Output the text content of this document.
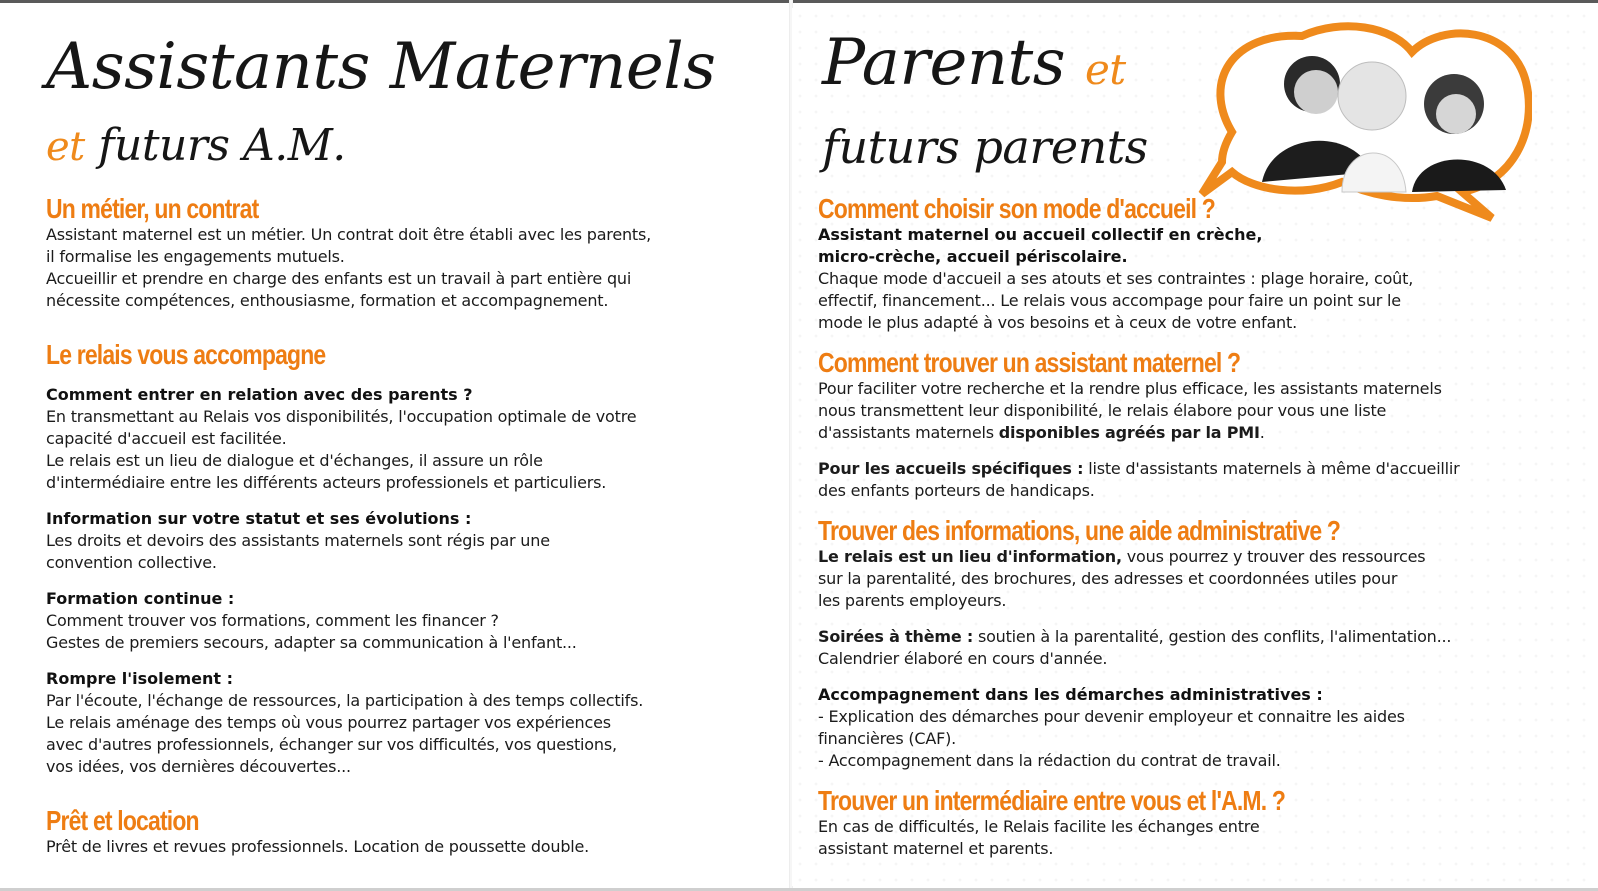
Assistants Maternels
et futurs A.M.
Un métier, un contrat

Assistant maternel est un métier. Un contrat doit être établi avec les parents,

il formalise les engagements mutuels.

Accueillir et prendre en charge des enfants est un travail à part entière qui

nécessite compétences, enthousiasme, formation et accompagnement.

Le relais vous accompagne

Comment entrer en relation avec des parents ?

En transmettant au Relais vos disponibilités, l'occupation optimale de votre

capacité d'accueil est facilitée.

Le relais est un lieu de dialogue et d'échanges, il assure un rôle

d'intermédiaire entre les différents acteurs professionels et particuliers.

Information sur votre statut et ses évolutions :

Les droits et devoirs des assistants maternels sont régis par une

convention collective.

Formation continue :

Comment trouver vos formations, comment les financer ?

Gestes de premiers secours, adapter sa communication à l'enfant...

Rompre l'isolement :

Par l'écoute, l'échange de ressources, la participation à des temps collectifs.

Le relais aménage des temps où vous pourrez partager vos expériences

avec d'autres professionnels, échanger sur vos difficultés, vos questions,

vos idées, vos dernières découvertes...

Prêt et location

Prêt de livres et revues professionnels. Location de poussette double.

Parents et
futurs parents
Comment choisir son mode d'accueil ?

Assistant maternel ou accueil collectif en crèche,

micro-crèche, accueil périscolaire.

Chaque mode d'accueil a ses atouts et ses contraintes : plage horaire, coût,

effectif, financement... Le relais vous accompage pour faire un point sur le

mode le plus adapté à vos besoins et à ceux de votre enfant.

Comment trouver un assistant maternel ?

Pour faciliter votre recherche et la rendre plus efficace, les assistants maternels

nous transmettent leur disponibilité, le relais élabore pour vous une liste

d'assistants maternels disponibles agréés par la PMI.

Pour les accueils spécifiques : liste d'assistants maternels à même d'accueillir

des enfants porteurs de handicaps.

Trouver des informations, une aide administrative ?

Le relais est un lieu d'information, vous pourrez y trouver des ressources

sur la parentalité, des brochures, des adresses et coordonnées utiles pour

les parents employeurs.

Soirées à thème : soutien à la parentalité, gestion des conflits, l'alimentation...

Calendrier élaboré en cours d'année.

Accompagnement dans les démarches administratives :

- Explication des démarches pour devenir employeur et connaitre les aides

financières (CAF).

- Accompagnement dans la rédaction du contrat de travail.

Trouver un intermédiaire entre vous et l'A.M. ?

En cas de difficultés, le Relais facilite les échanges entre

assistant maternel et parents.
